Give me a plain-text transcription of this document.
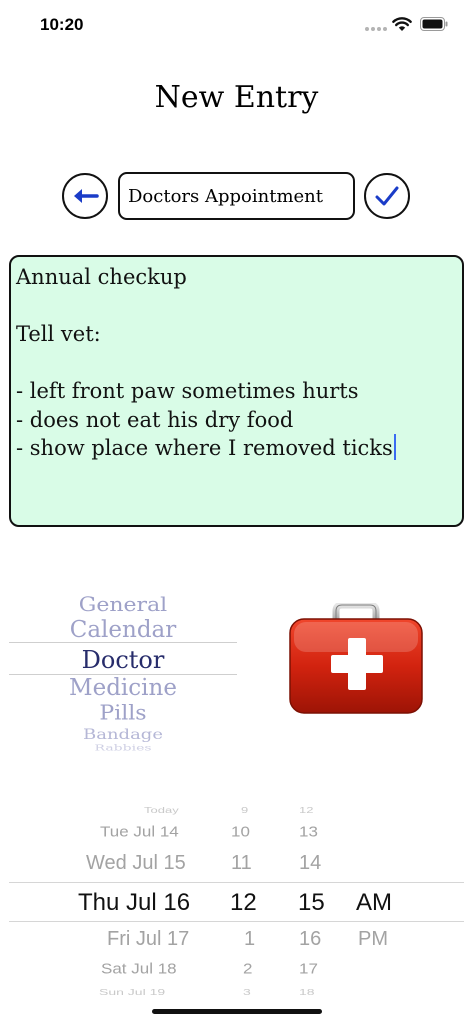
10:20
New Entry
Doctors Appointment
Annual checkup
Tell vet:
- left front paw sometimes hurts
- does not eat his dry food
- show place where I removed ticks
General
Calendar
Doctor
Medicine
Pills
Bandage
Rabbies
Today
Tue Jul 14
Wed Jul 15
Thu Jul 16
Fri Jul 17
Sat Jul 18
Sun Jul 19
9
10
11
12
1
2
3
12
13
14
15
16
17
18
AM
PM
